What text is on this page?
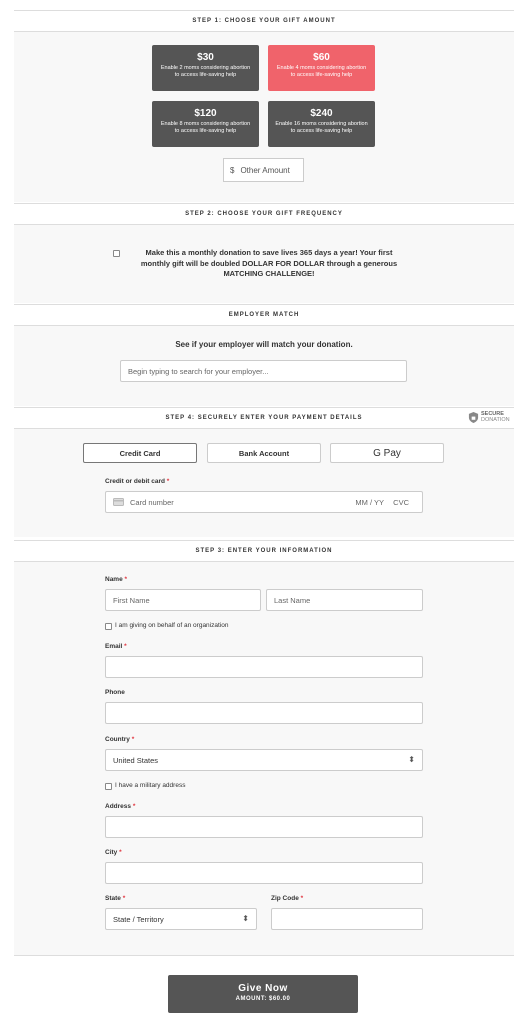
STEP 1: CHOOSE YOUR GIFT AMOUNT
$30
Enable 2 moms considering abortion to access life-saving help
$60
Enable 4 moms considering abortion to access life-saving help
$120
Enable 8 moms considering abortion to access life-saving help
$240
Enable 16 moms considering abortion to access life-saving help
$ Other Amount
STEP 2: CHOOSE YOUR GIFT FREQUENCY
Make this a monthly donation to save lives 365 days a year! Your first monthly gift will be doubled DOLLAR FOR DOLLAR through a generous MATCHING CHALLENGE!
EMPLOYER MATCH
See if your employer will match your donation.
Begin typing to search for your employer...
STEP 4: SECURELY ENTER YOUR PAYMENT DETAILS
SECURE
DONATION
Credit Card	Bank Account	G Pay
Credit or debit card *
Card number	MM / YY CVC
STEP 3: ENTER YOUR INFORMATION
Name *
First Name	Last Name
I am giving on behalf of an organization
Email *
Phone
Country *
United States	⬍
I have a military address
Address *
City *
State *
State / Territory	⬍
Zip Code *
Give Now
AMOUNT: $60.00
